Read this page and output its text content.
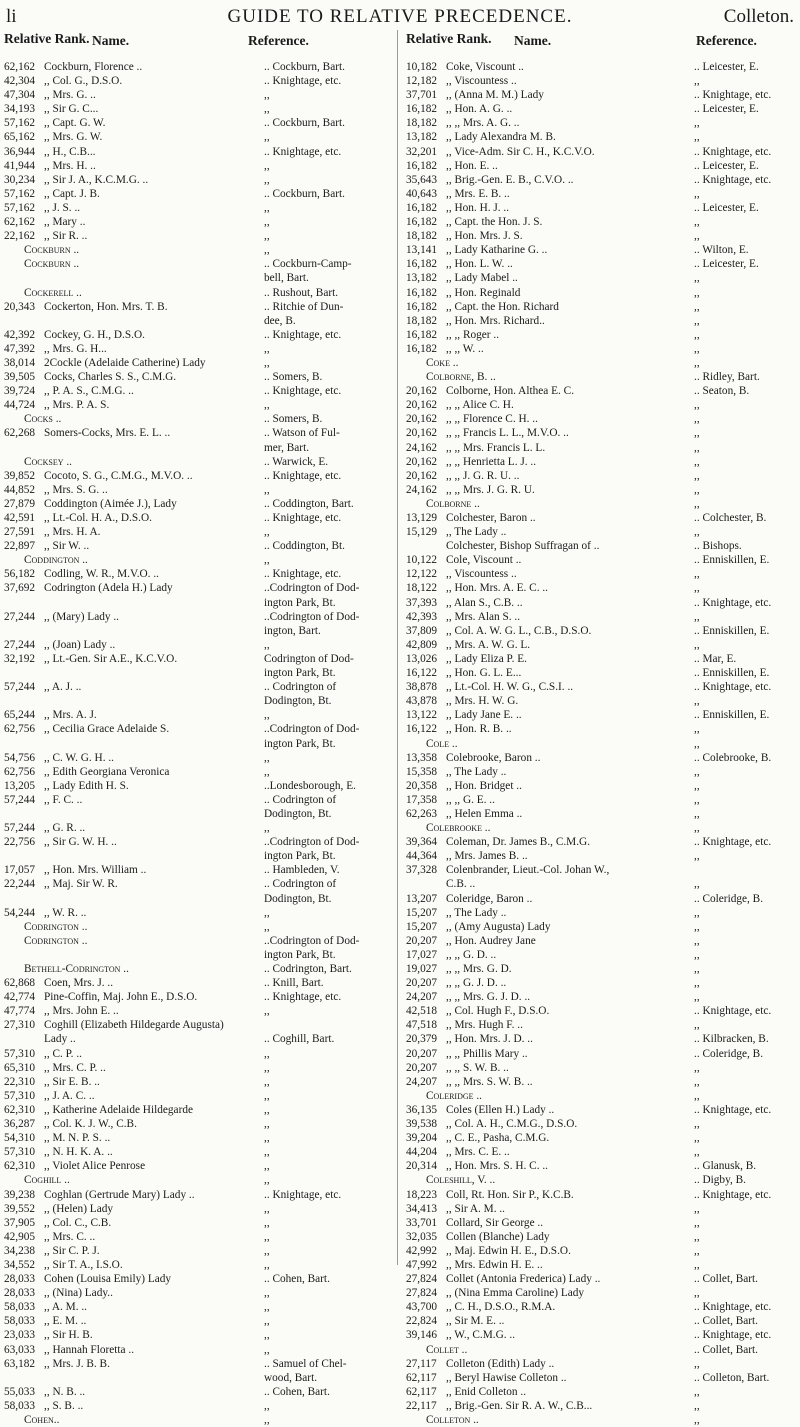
li	GUIDE TO RELATIVE PRECEDENCE.	Colleton.
Relative Rank. Name.	Reference.
62,162 Cockburn, Florence ..	.. Cockburn, Bart.
42,304 ,, Col. G., D.S.O.	.. Knightage, etc.
47,304 ,, Mrs. G. ..	,,
34,193 ,, Sir G. C...	,,
57,162 ,, Capt. G. W.	.. Cockburn, Bart.
65,162 ,, Mrs. G. W.	,,
36,944 ,, H., C.B...	.. Knightage, etc.
41,944 ,, Mrs. H. ..	,,
30,234 ,, Sir J. A., K.C.M.G. ..	,,
57,162 ,, Capt. J. B.	.. Cockburn, Bart.
57,162 ,, J. S. ..	,,
62,162 ,, Mary ..	,,
22,162 ,, Sir R. ..	,,
Cockburn ..	,,
Cockburn ..	.. Cockburn-Camp-
bell, Bart.
Cockerell ..	.. Rushout, Bart.
20,343 Cockerton, Hon. Mrs. T. B.	.. Ritchie of Dun-
dee, B.
42,392 Cockey, G. H., D.S.O.	.. Knightage, etc.
47,392 ,, Mrs. G. H...	,,
38,014 2Cockle (Adelaide Catherine) Lady	,,
39,505 Cocks, Charles S. S., C.M.G.	.. Somers, B.
39,724 ,, P. A. S., C.M.G. ..	.. Knightage, etc.
44,724 ,, Mrs. P. A. S.	,,
Cocks ..	.. Somers, B.
62,268 Somers-Cocks, Mrs. E. L. ..	.. Watson of Ful-
mer, Bart.
Cocksey ..	.. Warwick, E.
39,852 Cocoto, S. G., C.M.G., M.V.O. ..	.. Knightage, etc.
44,852 ,, Mrs. S. G. ..	,,
27,879 Coddington (Aimée J.), Lady	.. Coddington, Bart.
42,591 ,, Lt.-Col. H. A., D.S.O.	.. Knightage, etc.
27,591 ,, Mrs. H. A.	,,
22,897 ,, Sir W. ..	.. Coddington, Bt.
Coddington ..	,,
56,182 Codling, W. R., M.V.O. ..	.. Knightage, etc.
37,692 Codrington (Adela H.) Lady	..Codrington of Dod-
ington Park, Bt.
27,244 ,, (Mary) Lady ..	..Codrington of Dod-
ington, Bart.
27,244 ,, (Joan) Lady ..	,,
32,192 ,, Lt.-Gen. Sir A.E., K.C.V.O.	Codrington of Dod-
ington Park, Bt.
57,244 ,, A. J. ..	.. Codrington of
Dodington, Bt.
65,244 ,, Mrs. A. J.	,,
62,756 ,, Cecilia Grace Adelaide S.	..Codrington of Dod-
ington Park, Bt.
54,756 ,, C. W. G. H. ..	,,
62,756 ,, Edith Georgiana Veronica	,,
13,205 ,, Lady Edith H. S.	..Londesborough, E.
57,244 ,, F. C. ..	.. Codrington of
Dodington, Bt.
57,244 ,, G. R. ..	,,
22,756 ,, Sir G. W. H. ..	..Codrington of Dod-
ington Park, Bt.
17,057 ,, Hon. Mrs. William ..	.. Hambleden, V.
22,244 ,, Maj. Sir W. R.	.. Codrington of
Dodington, Bt.
54,244 ,, W. R. ..	,,
Codrington ..	,,
Codrington ..	..Codrington of Dod-
ington Park, Bt.
Bethell-Codrington ..	.. Codrington, Bart.
62,868 Coen, Mrs. J. ..	.. Knill, Bart.
42,774 Pine-Coffin, Maj. John E., D.S.O.	.. Knightage, etc.
47,774 ,, Mrs. John E. ..	,,
27,310 Coghill (Elizabeth Hildegarde Augusta)
Lady ..	.. Coghill, Bart.
57,310 ,, C. P. ..	,,
65,310 ,, Mrs. C. P. ..	,,
22,310 ,, Sir E. B. ..	,,
57,310 ,, J. A. C. ..	,,
62,310 ,, Katherine Adelaide Hildegarde	,,
36,287 ,, Col. K. J. W., C.B.	,,
54,310 ,, M. N. P. S. ..	,,
57,310 ,, N. H. K. A. ..	,,
62,310 ,, Violet Alice Penrose	,,
Coghill ..	,,
39,238 Coghlan (Gertrude Mary) Lady ..	.. Knightage, etc.
39,552 ,, (Helen) Lady	,,
37,905 ,, Col. C., C.B.	,,
42,905 ,, Mrs. C. ..	,,
34,238 ,, Sir C. P. J.	,,
34,552 ,, Sir T. A., I.S.O.	,,
28,033 Cohen (Louisa Emily) Lady	.. Cohen, Bart.
28,033 ,, (Nina) Lady..	,,
58,033 ,, A. M. ..	,,
58,033 ,, E. M. ..	,,
23,033 ,, Sir H. B.	,,
63,033 ,, Hannah Floretta ..	,,
63,182 ,, Mrs. J. B. B.	.. Samuel of Chel-
wood, Bart.
55,033 ,, N. B. ..	.. Cohen, Bart.
58,033 ,, S. B. ..	,,
Cohen..	,,
Relative Rank. Name.	Reference.
10,182 Coke, Viscount ..	.. Leicester, E.
12,182 ,, Viscountess ..	,,
37,701 ,, (Anna M. M.) Lady	.. Knightage, etc.
16,182 ,, Hon. A. G. ..	.. Leicester, E.
18,182 ,, ,, Mrs. A. G. ..	,,
13,182 ,, Lady Alexandra M. B.	,,
32,201 ,, Vice-Adm. Sir C. H., K.C.V.O.	.. Knightage, etc.
16,182 ,, Hon. E. ..	.. Leicester, E.
35,643 ,, Brig.-Gen. E. B., C.V.O. ..	.. Knightage, etc.
40,643 ,, Mrs. E. B. ..	,,
16,182 ,, Hon. H. J. ..	.. Leicester, E.
16,182 ,, Capt. the Hon. J. S.	,,
18,182 ,, Hon. Mrs. J. S.	,,
13,141 ,, Lady Katharine G. ..	.. Wilton, E.
16,182 ,, Hon. L. W. ..	.. Leicester, E.
13,182 ,, Lady Mabel ..	,,
16,182 ,, Hon. Reginald	,,
16,182 ,, Capt. the Hon. Richard	,,
18,182 ,, Hon. Mrs. Richard..	,,
16,182 ,, ,, Roger ..	,,
16,182 ,, ,, W. ..	,,
Coke ..	,,
Colborne, B. ..	.. Ridley, Bart.
20,162 Colborne, Hon. Althea E. C.	.. Seaton, B.
20,162 ,, ,, Alice C. H.	,,
20,162 ,, ,, Florence C. H. ..	,,
20,162 ,, ,, Francis L. L., M.V.O. ..	,,
24,162 ,, ,, Mrs. Francis L. L.	,,
20,162 ,, ,, Henrietta L. J. ..	,,
20,162 ,, ,, J. G. R. U. ..	,,
24,162 ,, ,, Mrs. J. G. R. U.	,,
Colborne ..	,,
13,129 Colchester, Baron ..	.. Colchester, B.
15,129 ,, The Lady ..	,,
Colchester, Bishop Suffragan of ..	.. Bishops.
10,122 Cole, Viscount ..	.. Enniskillen, E.
12,122 ,, Viscountess ..	,,
18,122 ,, Hon. Mrs. A. E. C. ..	,,
37,393 ,, Alan S., C.B. ..	.. Knightage, etc.
42,393 ,, Mrs. Alan S. ..	,,
37,809 ,, Col. A. W. G. L., C.B., D.S.O.	.. Enniskillen, E.
42,809 ,, Mrs. A. W. G. L.	,,
13,026 ,, Lady Eliza P. E.	.. Mar, E.
16,122 ,, Hon. G. L. E...	.. Enniskillen, E.
38,878 ,, Lt.-Col. H. W. G., C.S.I. ..	.. Knightage, etc.
43,878 ,, Mrs. H. W. G.	,,
13,122 ,, Lady Jane E. ..	.. Enniskillen, E.
16,122 ,, Hon. R. B. ..	,,
Cole ..	,,
13,358 Colebrooke, Baron ..	.. Colebrooke, B.
15,358 ,, The Lady ..	,,
20,358 ,, Hon. Bridget ..	,,
17,358 ,, ,, G. E. ..	,,
62,263 ,, Helen Emma ..	,,
Colebrooke ..	,,
39,364 Coleman, Dr. James B., C.M.G.	.. Knightage, etc.
44,364 ,, Mrs. James B. ..	,,
37,328 Colenbrander, Lieut.-Col. Johan W.,
C.B. ..	,,
13,207 Coleridge, Baron ..	.. Coleridge, B.
15,207 ,, The Lady ..	,,
15,207 ,, (Amy Augusta) Lady	,,
20,207 ,, Hon. Audrey Jane	,,
17,027 ,, ,, G. D. ..	,,
19,027 ,, ,, Mrs. G. D.	,,
20,207 ,, ,, G. J. D. ..	,,
24,207 ,, ,, Mrs. G. J. D. ..	,,
42,518 ,, Col. Hugh F., D.S.O.	.. Knightage, etc.
47,518 ,, Mrs. Hugh F. ..	,,
20,379 ,, Hon. Mrs. J. D. ..	.. Kilbracken, B.
20,207 ,, ,, Phillis Mary ..	.. Coleridge, B.
20,207 ,, ,, S. W. B. ..	,,
24,207 ,, ,, Mrs. S. W. B. ..	,,
Coleridge ..	,,
36,135 Coles (Ellen H.) Lady ..	.. Knightage, etc.
39,538 ,, Col. A. H., C.M.G., D.S.O.	,,
39,204 ,, C. E., Pasha, C.M.G.	,,
44,204 ,, Mrs. C. E. ..	,,
20,314 ,, Hon. Mrs. S. H. C. ..	.. Glanusk, B.
Coleshill, V. ..	.. Digby, B.
18,223 Coll, Rt. Hon. Sir P., K.C.B.	.. Knightage, etc.
34,413 ,, Sir A. M. ..	,,
33,701 Collard, Sir George ..	,,
32,035 Collen (Blanche) Lady	,,
42,992 ,, Maj. Edwin H. E., D.S.O.	,,
47,992 ,, Mrs. Edwin H. E. ..	,,
27,824 Collet (Antonia Frederica) Lady ..	.. Collet, Bart.
27,824 ,, (Nina Emma Caroline) Lady	,,
43,700 ,, C. H., D.S.O., R.M.A.	.. Knightage, etc.
22,824 ,, Sir M. E. ..	.. Collet, Bart.
39,146 ,, W., C.M.G. ..	.. Knightage, etc.
Collet ..	.. Collet, Bart.
27,117 Colleton (Edith) Lady ..	,,
62,117 ,, Beryl Hawise Colleton ..	.. Colleton, Bart.
62,117 ,, Enid Colleton ..	,,
22,117 ,, Brig.-Gen. Sir R. A. W., C.B...	,,
Colleton ..	,,
